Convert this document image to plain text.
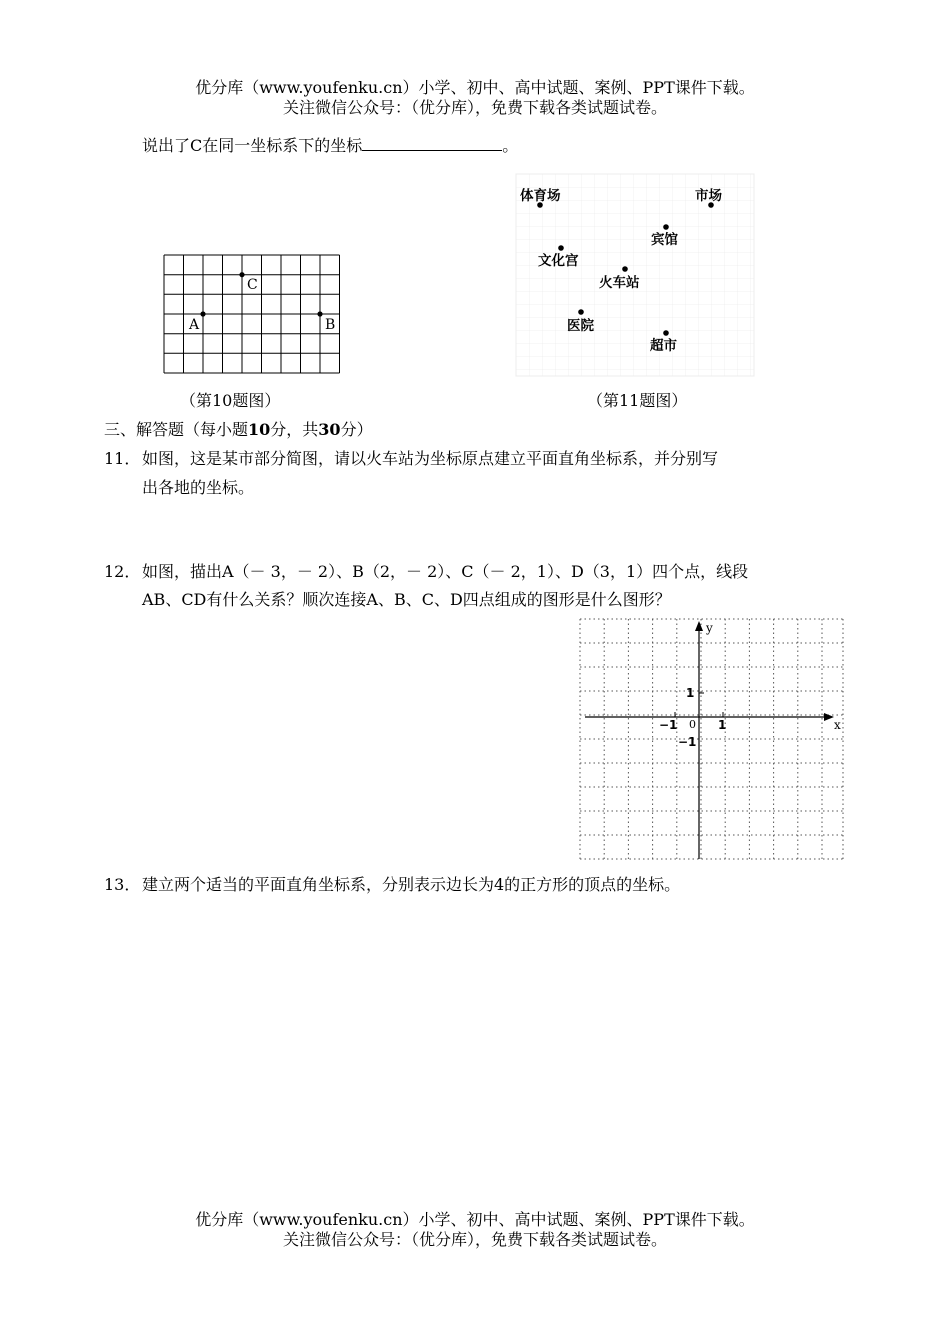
优分库（www.youfenku.cn）小学、初中、高中试题、案例、PPT课件下载。
关注微信公众号：（优分库），免费下载各类试题试卷。
说出了C在同一坐标系下的坐标	。
C
A	B
（第10题图）
体育场	市场
宾馆
文化宫
火车站
医院
超市
（第11题图）
三、解答题（每小题10分，共30分）
11． 如图，这是某市部分简图，请以火车站为坐标原点建立平面直角坐标系，并分别写
出各地的坐标。
12． 如图，描出A（－ 3，－ 2）、B（2，－ 2）、C（－ 2，1）、D（3，1）四个点，线段
AB、CD有什么关系？顺次连接A、B、C、D四点组成的图形是什么图形？
y
x
0
1
−1	1
−1
13． 建立两个适当的平面直角坐标系，分别表示边长为4的正方形的顶点的坐标。
优分库（www.youfenku.cn）小学、初中、高中试题、案例、PPT课件下载。
关注微信公众号：（优分库），免费下载各类试题试卷。
